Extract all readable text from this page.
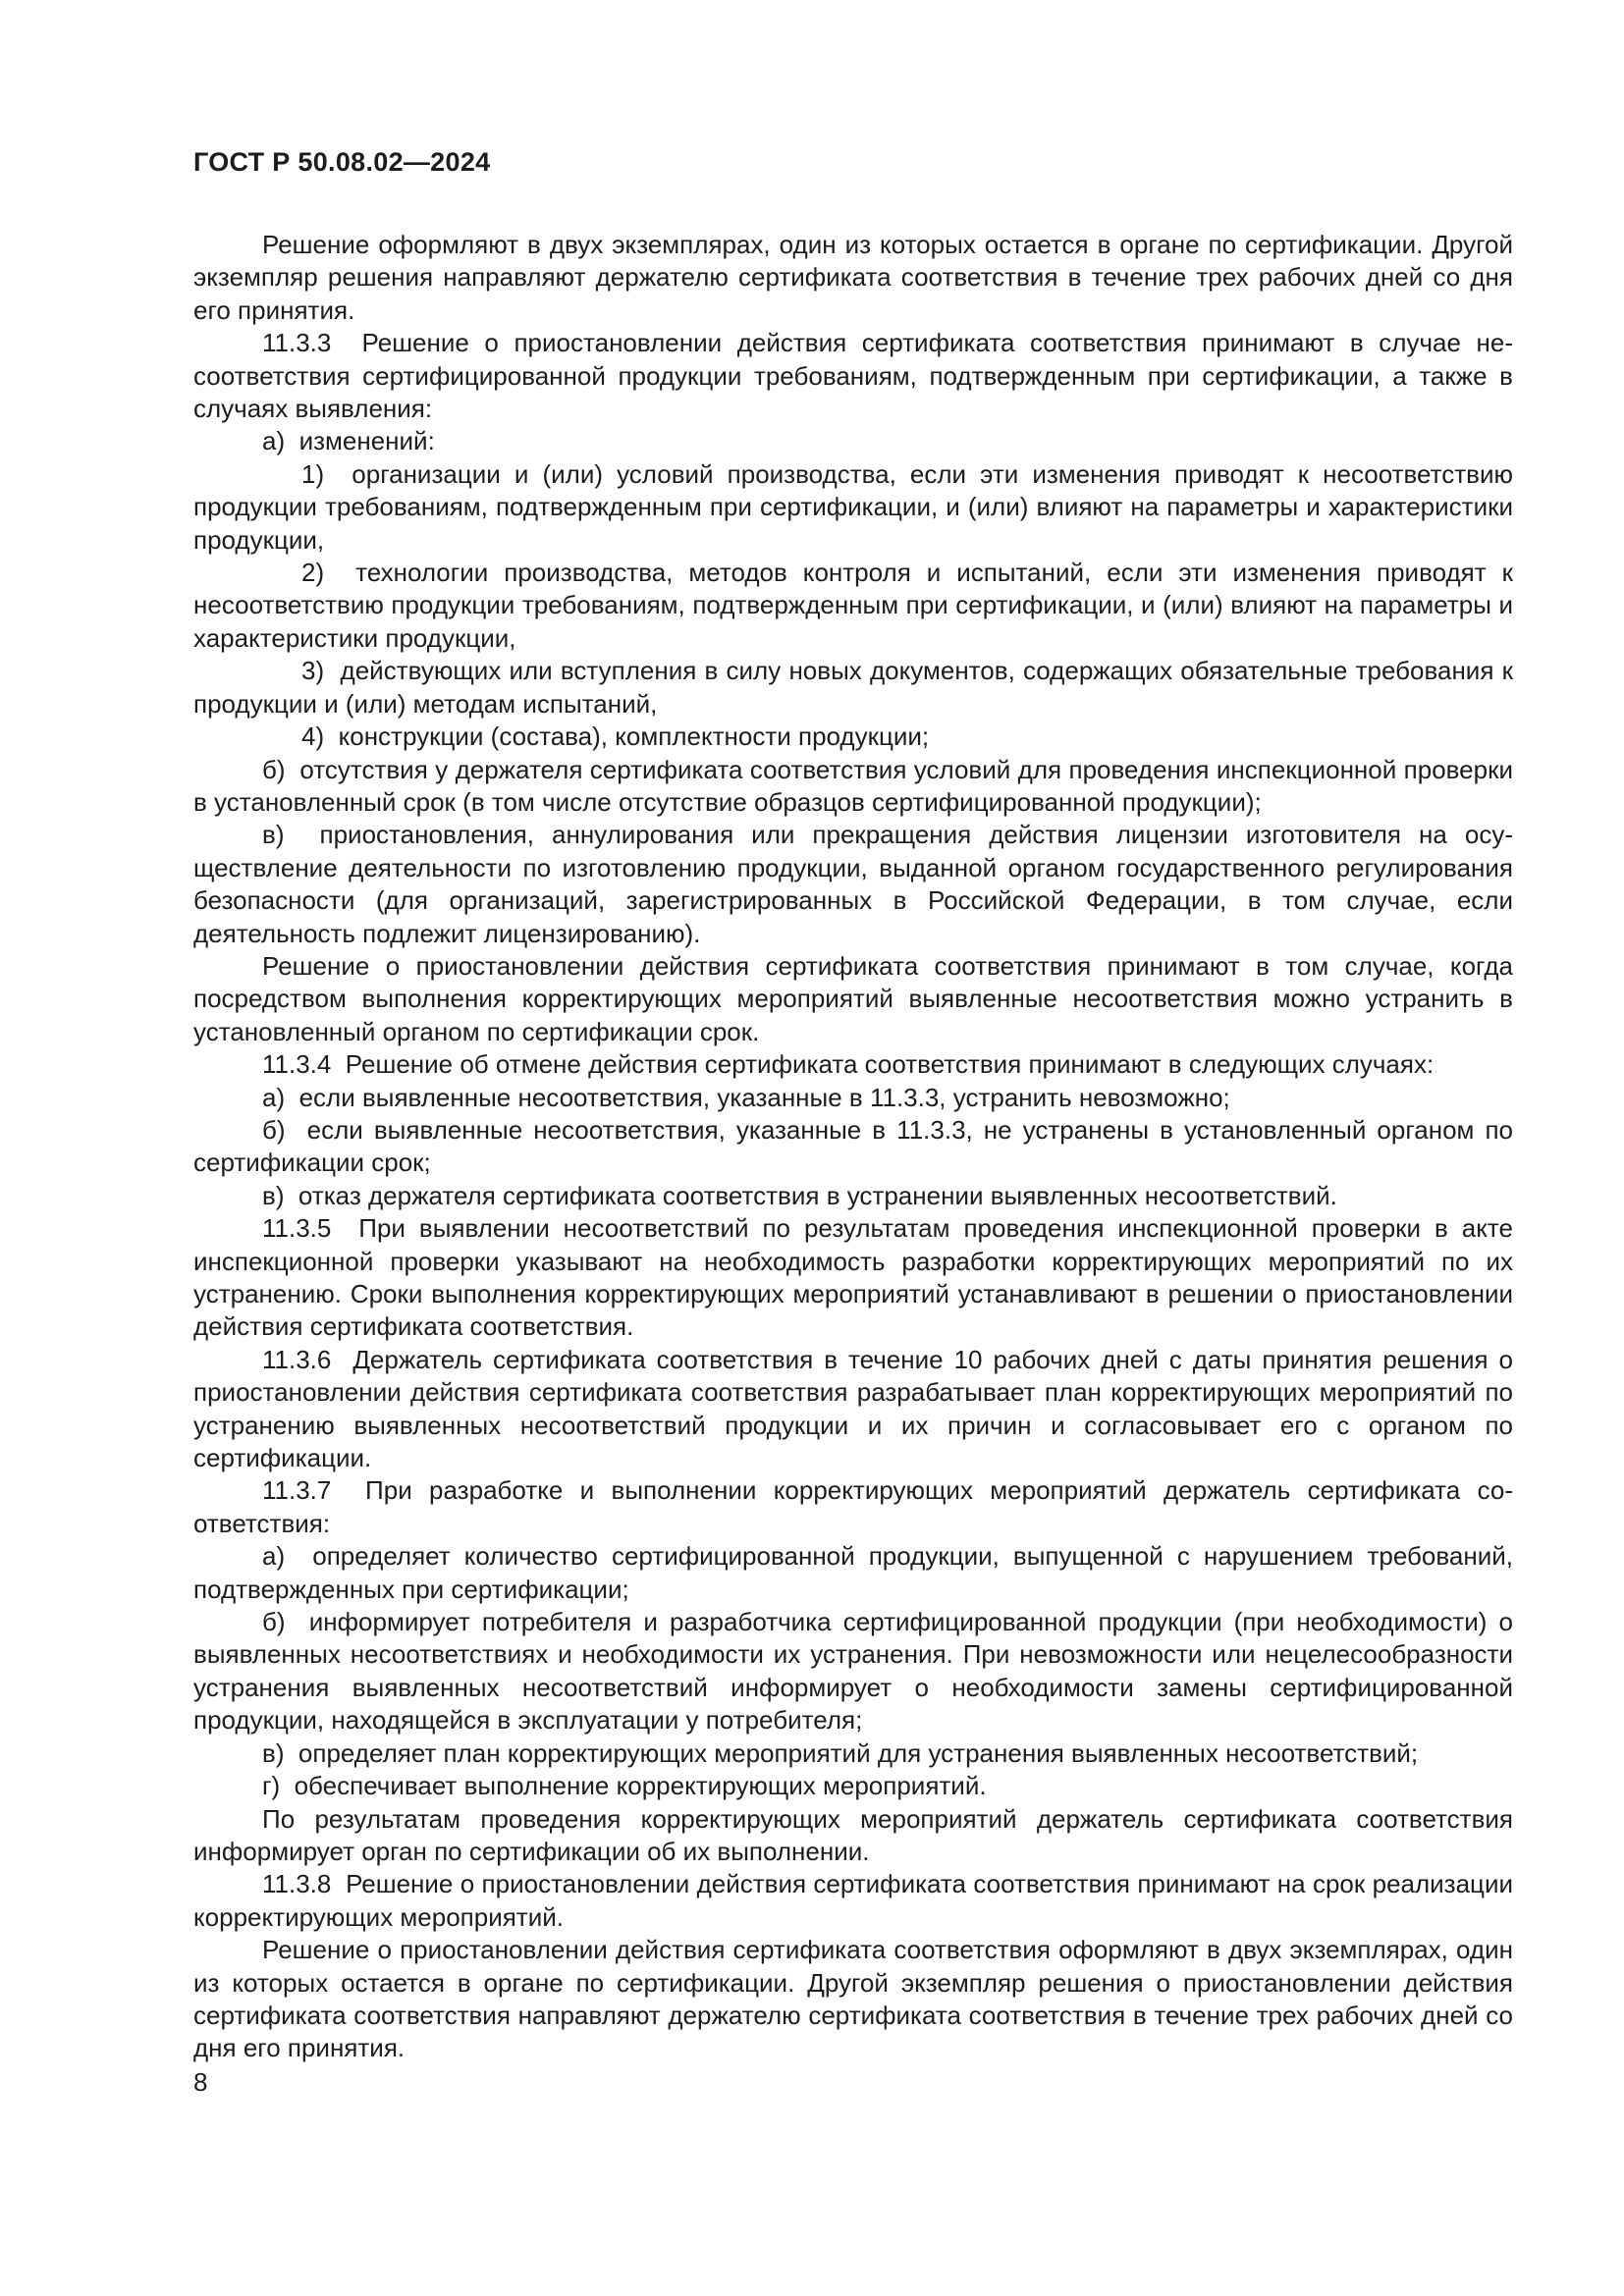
ГОСТ Р 50.08.02—2024

Решение оформляют в двух экземплярах, один из которых остается в органе по сертификации. Другой экземпляр решения направляют держателю сертификата соответствия в течение трех рабочих дней со дня его принятия.

11.3.3  Решение о приостановлении действия сертификата соответствия принимают в случае несоответствия сертифицированной продукции требованиям, подтвержденным при сертификации, а также в случаях выявления:

а)  изменений:

1)  организации и (или) условий производства, если эти изменения приводят к несоответствию продукции требованиям, подтвержденным при сертификации, и (или) влияют на параметры и характеристики продукции,

2)  технологии производства, методов контроля и испытаний, если эти изменения приводят к несоответствию продукции требованиям, подтвержденным при сертификации, и (или) влияют на параметры и характеристики продукции,

3)  действующих или вступления в силу новых документов, содержащих обязательные требования к продукции и (или) методам испытаний,

4)  конструкции (состава), комплектности продукции;

б)  отсутствия у держателя сертификата соответствия условий для проведения инспекционной проверки в установленный срок (в том числе отсутствие образцов сертифицированной продукции);

в)  приостановления, аннулирования или прекращения действия лицензии изготовителя на осуществление деятельности по изготовлению продукции, выданной органом государственного регулирования безопасности (для организаций, зарегистрированных в Российской Федерации, в том случае, если деятельность подлежит лицензированию).

Решение о приостановлении действия сертификата соответствия принимают в том случае, когда посредством выполнения корректирующих мероприятий выявленные несоответствия можно устранить в установленный органом по сертификации срок.

11.3.4  Решение об отмене действия сертификата соответствия принимают в следующих случаях:

а)  если выявленные несоответствия, указанные в 11.3.3, устранить невозможно;

б)  если выявленные несоответствия, указанные в 11.3.3, не устранены в установленный органом по сертификации срок;

в)  отказ держателя сертификата соответствия в устранении выявленных несоответствий.

11.3.5  При выявлении несоответствий по результатам проведения инспекционной проверки в акте инспекционной проверки указывают на необходимость разработки корректирующих мероприятий по их устранению. Сроки выполнения корректирующих мероприятий устанавливают в решении о приостановлении действия сертификата соответствия.

11.3.6  Держатель сертификата соответствия в течение 10 рабочих дней с даты принятия решения о приостановлении действия сертификата соответствия разрабатывает план корректирующих мероприятий по устранению выявленных несоответствий продукции и их причин и согласовывает его с органом по сертификации.

11.3.7  При разработке и выполнении корректирующих мероприятий держатель сертификата соответствия:

а)  определяет количество сертифицированной продукции, выпущенной с нарушением требований, подтвержденных при сертификации;

б)  информирует потребителя и разработчика сертифицированной продукции (при необходимости) о выявленных несоответствиях и необходимости их устранения. При невозможности или нецелесообразности устранения выявленных несоответствий информирует о необходимости замены сертифицированной продукции, находящейся в эксплуатации у потребителя;

в)  определяет план корректирующих мероприятий для устранения выявленных несоответствий;

г)  обеспечивает выполнение корректирующих мероприятий.

По результатам проведения корректирующих мероприятий держатель сертификата соответствия информирует орган по сертификации об их выполнении.

11.3.8  Решение о приостановлении действия сертификата соответствия принимают на срок реализации корректирующих мероприятий.

Решение о приостановлении действия сертификата соответствия оформляют в двух экземплярах, один из которых остается в органе по сертификации. Другой экземпляр решения о приостановлении действия сертификата соответствия направляют держателю сертификата соответствия в течение трех рабочих дней со дня его принятия.

8
